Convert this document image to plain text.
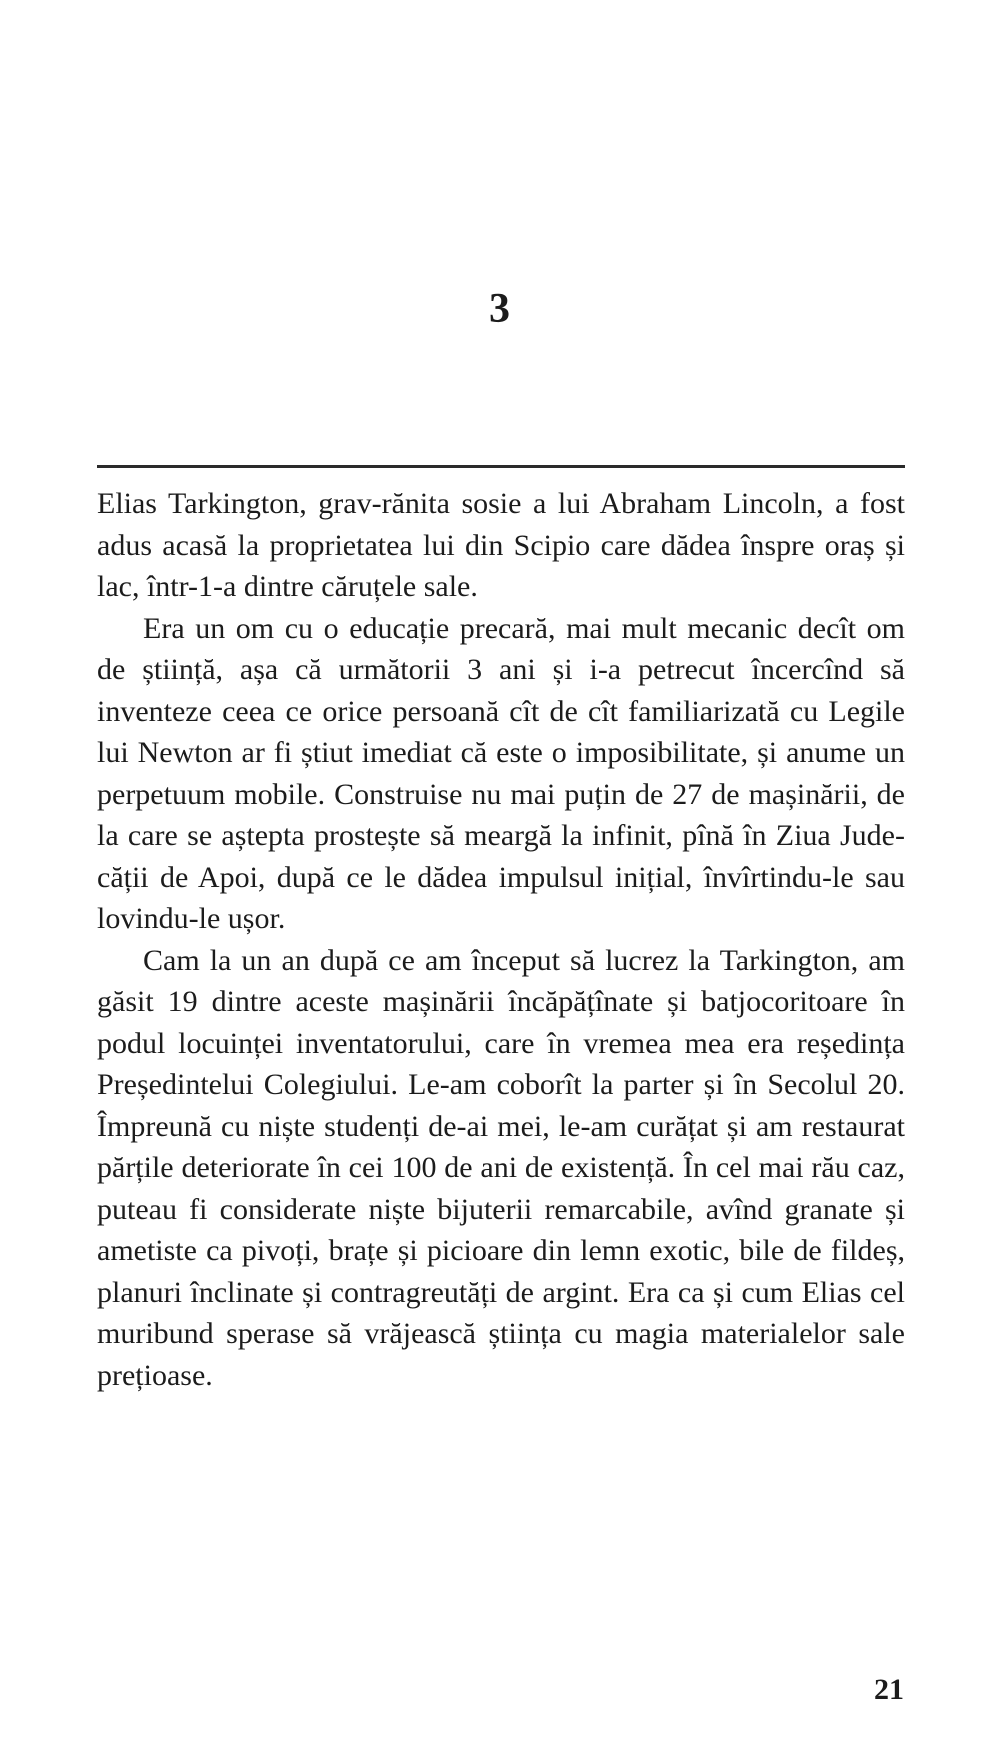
3

Elias Tarkington, grav-rănita sosie a lui Abraham Lincoln, a fost adus acasă la proprietatea lui din Scipio care dădea înspre oraș și lac, într-1-a dintre căruțele sale.

Era un om cu o educație precară, mai mult mecanic decît om de știință, așa că următorii 3 ani și i-a petrecut încercînd să inventeze ceea ce orice persoană cît de cît familiarizată cu Legile lui Newton ar fi știut imediat că este o imposibilitate, și anume un perpetuum mobile. Construise nu mai puțin de 27 de mașinării, de la care se aștepta prostește să meargă la infinit, pînă în Ziua Judecății de Apoi, după ce le dădea impulsul inițial, învîrtindu-le sau lovindu-le ușor.

Cam la un an după ce am început să lucrez la Tarkington, am găsit 19 dintre aceste mașinării încăpățînate și batjocoritoare în podul locuinței inventatorului, care în vremea mea era reședința Președintelui Colegiului. Le-am coborît la parter și în Secolul 20. Împreună cu niște studenți de-ai mei, le-am curățat și am restaurat părțile deteriorate în cei 100 de ani de existență. În cel mai rău caz, puteau fi considerate niște bijuterii remarcabile, avînd granate și ametiste ca pivoți, brațe și picioare din lemn exotic, bile de fildeș, planuri înclinate și contragreutăți de argint. Era ca și cum Elias cel muribund sperase să vrăjească știința cu magia materialelor sale prețioase.

21
